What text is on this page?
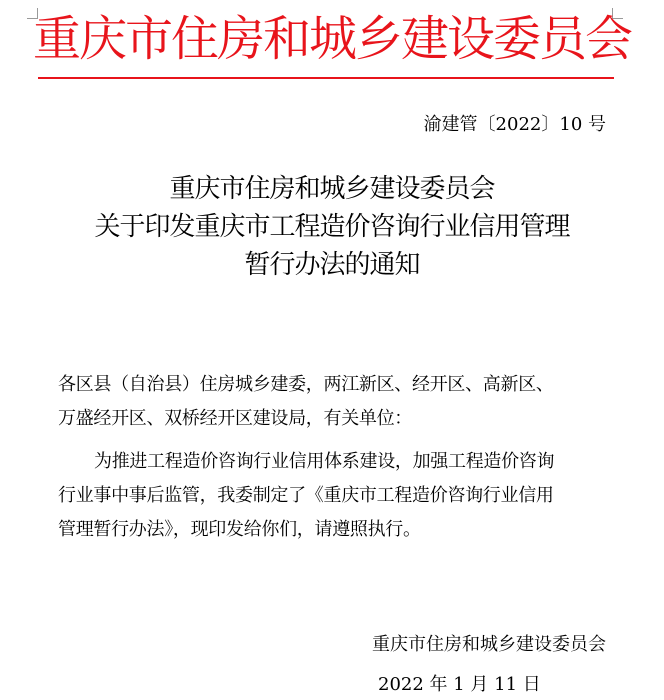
重庆市住房和城乡建设委员会
渝建管〔2022〕10 号
重庆市住房和城乡建设委员会
关于印发重庆市工程造价咨询行业信用管理
暂行办法的通知
各区县（自治县）住房城乡建委，两江新区、经开区、高新区、
万盛经开区、双桥经开区建设局，有关单位：
为推进工程造价咨询行业信用体系建设，加强工程造价咨询
行业事中事后监管，我委制定了《重庆市工程造价咨询行业信用
管理暂行办法》，现印发给你们，请遵照执行。
重庆市住房和城乡建设委员会
2022 年 1 月 11 日
